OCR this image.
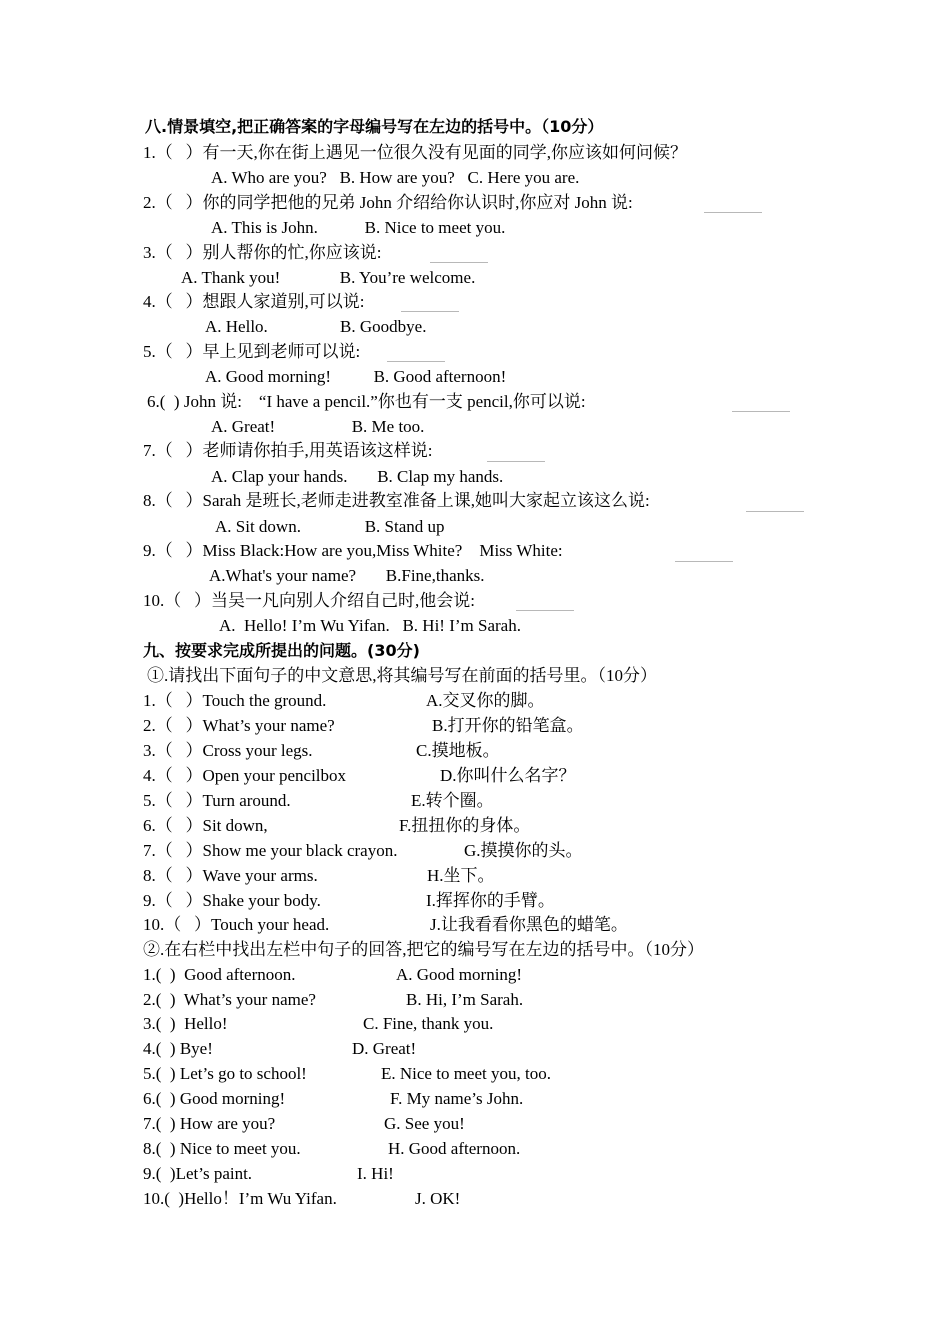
八.情景填空,把正确答案的字母编号写在左边的括号中。（10分）
1.（   ）有一天,你在街上遇见一位很久没有见面的同学,你应该如何问候？
A. Who are you?   B. How are you?   C. Here you are.
2.（   ）你的同学把他的兄弟 John 介绍给你认识时,你应对 John 说:
A. This is John.           B. Nice to meet you.
3.（   ）别人帮你的忙,你应该说:
A. Thank you!              B. You’re welcome.
4.（   ）想跟人家道别,可以说:
A. Hello.                 B. Goodbye.
5.（   ）早上见到老师可以说:
A. Good morning!          B. Good afternoon!
6.(  ) John 说:    “I have a pencil.”你也有一支 pencil,你可以说:
A. Great!                  B. Me too.
7.（   ）老师请你拍手,用英语该这样说:
A. Clap your hands.       B. Clap my hands.
8.（   ）Sarah 是班长,老师走进教室准备上课,她叫大家起立该这么说:
A. Sit down.               B. Stand up
9.（   ）Miss Black:How are you,Miss White?    Miss White:
A.What's your name?       B.Fine,thanks.
10.（   ）当吴一凡向别人介绍自己时,他会说:
A.  Hello! I’m Wu Yifan.   B. Hi! I’m Sarah.
九、按要求完成所提出的问题。(30分)
①.请找出下面句子的中文意思,将其编号写在前面的括号里。（10分）
1.（   ）Touch the ground.
2.（   ）What’s your name?
3.（   ）Cross your legs.
4.（   ）Open your pencilbox
5.（   ）Turn around.
6.（   ）Sit down,
7.（   ）Show me your black crayon.
8.（   ）Wave your arms.
9.（   ）Shake your body.
10.（   ）Touch your head.
A.交叉你的脚。
B.打开你的铅笔盒。
C.摸地板。
D.你叫什么名字？
E.转个圈。
F.扭扭你的身体。
G.摸摸你的头。
H.坐下。
I.挥挥你的手臂。
J.让我看看你黑色的蜡笔。
②.在右栏中找出左栏中句子的回答,把它的编号写在左边的括号中。（10分）
1.(  )  Good afternoon.
2.(  )  What’s your name?
3.(  )  Hello!
4.(  ) Bye!
5.(  ) Let’s go to school!
6.(  ) Good morning!
7.(  ) How are you?
8.(  ) Nice to meet you.
9.(  )Let’s paint.
10.(  )Hello！I’m Wu Yifan.
A. Good morning!
B. Hi, I’m Sarah.
C. Fine, thank you.
D. Great!
E. Nice to meet you, too.
F. My name’s John.
G. See you!
H. Good afternoon.
I. Hi!
J. OK!
